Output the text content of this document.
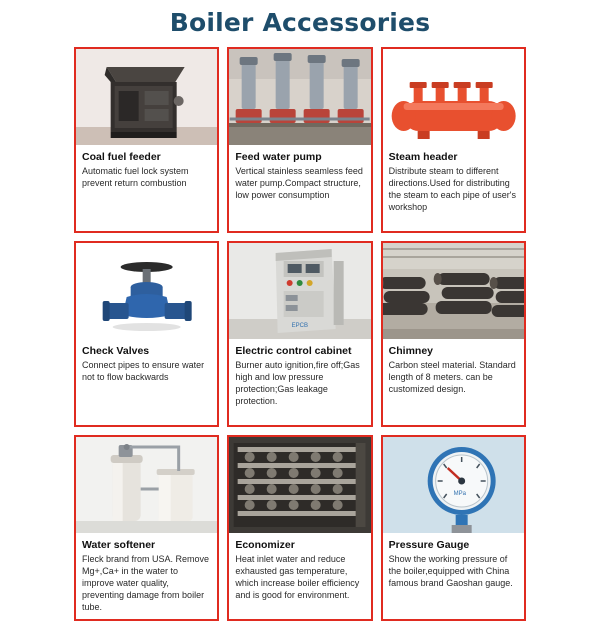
Boiler Accessories
Coal fuel feeder
Automatic fuel lock system prevent return combustion
Feed water pump
Vertical stainless seamless feed water pump.Compact structure, low power consumption
Steam header
Distribute steam to different directions.Used for distributing the steam to each pipe of user's workshop
Check Valves
Connect pipes to ensure water not to flow backwards
EPCB
Electric control cabinet
Burner auto ignition,fire off;Gas high and low pressure protection;Gas leakage protection.
Chimney
Carbon steel material. Standard length of 8 meters. can be customized design.
Water softener
Fleck brand from USA. Remove Mg+,Ca+ in the water to improve water quality, preventing damage from boiler tube.
Economizer
Heat inlet water and reduce exhausted gas temperature, which increase boiler efficiency and is good for environment.
MPa
Pressure Gauge
Show the working pressure of the boiler,equipped with China famous brand Gaoshan gauge.
